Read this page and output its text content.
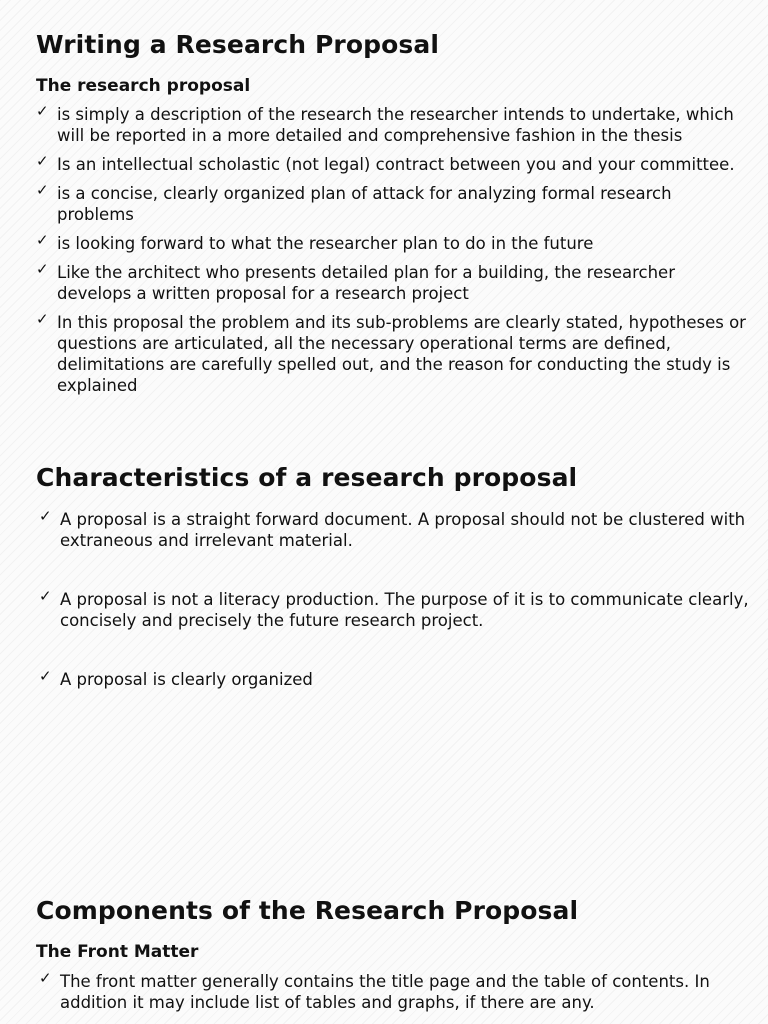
Writing a Research Proposal
The research proposal
✓ is simply a description of the research the researcher intends to undertake, which will be reported in a more detailed and comprehensive fashion in the thesis
✓ Is an intellectual scholastic (not legal) contract between you and your committee.
✓ is a concise, clearly organized plan of attack for analyzing formal research problems
✓ is looking forward to what the researcher plan to do in the future
✓ Like the architect who presents detailed plan for a building, the researcher develops a written proposal for a research project
✓ In this proposal the problem and its sub-problems are clearly stated, hypotheses or questions are articulated, all the necessary operational terms are defined, delimitations are carefully spelled out, and the reason for conducting the study is explained
Characteristics of a research proposal
✓ A proposal is a straight forward document. A proposal should not be clustered with extraneous and irrelevant material.
✓ A proposal is not a literacy production. The purpose of it is to communicate clearly, concisely and precisely the future research project.
✓ A proposal is clearly organized
Components of the Research Proposal
The Front Matter
✓ The front matter generally contains the title page and the table of contents. In addition it may include list of tables and graphs, if there are any.
